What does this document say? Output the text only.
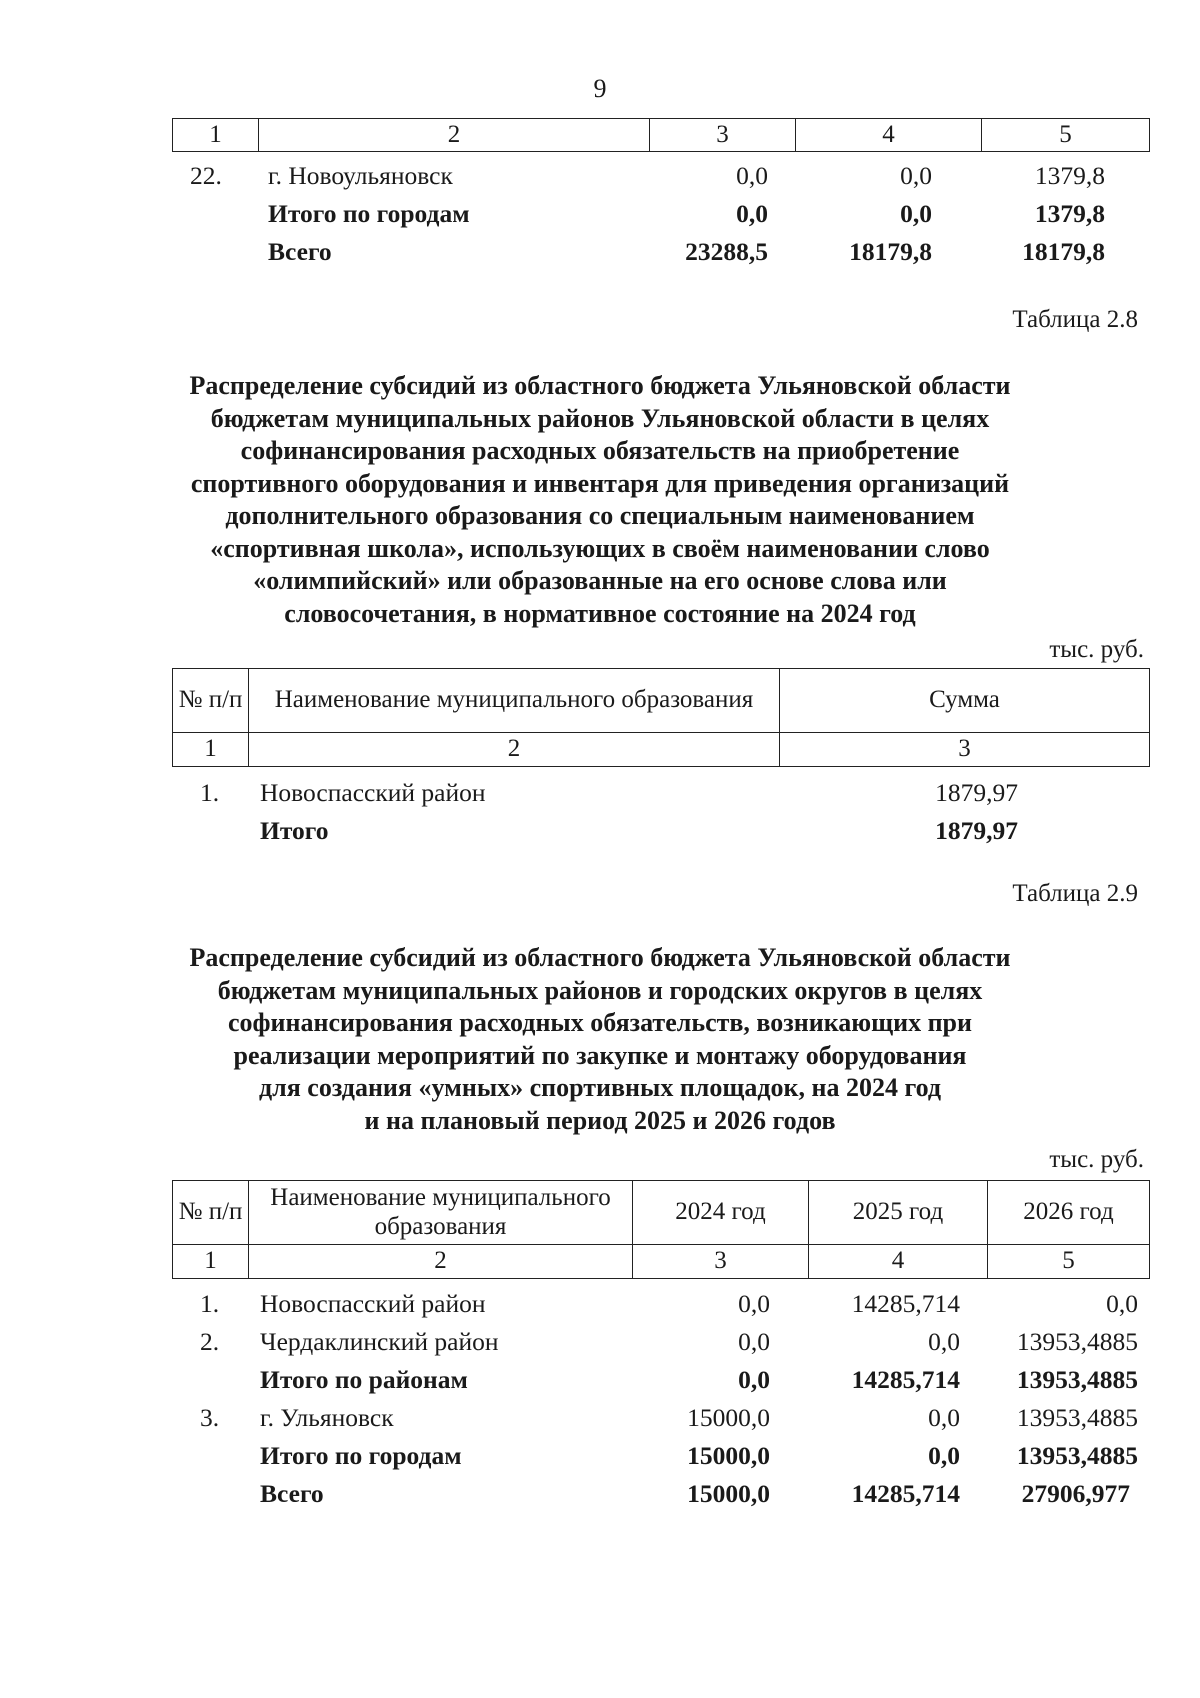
9
1	2	3	4	5
22. г. Новоульяновск	0,0	0,0	1379,8
Итого по городам	0,0	0,0	1379,8
Всего	23288,5	18179,8	18179,8
Таблица 2.8
Распределение субсидий из областного бюджета Ульяновской области
бюджетам муниципальных районов Ульяновской области в целях
софинансирования расходных обязательств на приобретение
спортивного оборудования и инвентаря для приведения организаций
дополнительного образования со специальным наименованием
«спортивная школа», использующих в своём наименовании слово
«олимпийский» или образованные на его основе слова или
словосочетания, в нормативное состояние на 2024 год
тыс. руб.
№ п/п	Наименование муниципального образования	Сумма
1	2	3
1. Новоспасский район	1879,97
Итого	1879,97
Таблица 2.9
Распределение субсидий из областного бюджета Ульяновской области
бюджетам муниципальных районов и городских округов в целях
софинансирования расходных обязательств, возникающих при
реализации мероприятий по закупке и монтажу оборудования
для создания «умных» спортивных площадок, на 2024 год
и на плановый период 2025 и 2026 годов
тыс. руб.
№ п/п	Наименование муниципального образования	2024 год	2025 год	2026 год
1	2	3	4	5
1. Новоспасский район	0,0	14285,714	0,0
2. Чердаклинский район	0,0	0,0 13953,4885
Итого по районам	0,0	14285,714 13953,4885
3. г. Ульяновск	15000,0	0,0 13953,4885
Итого по городам	15000,0	0,0 13953,4885
Всего	15000,0	14285,714 27906,977
